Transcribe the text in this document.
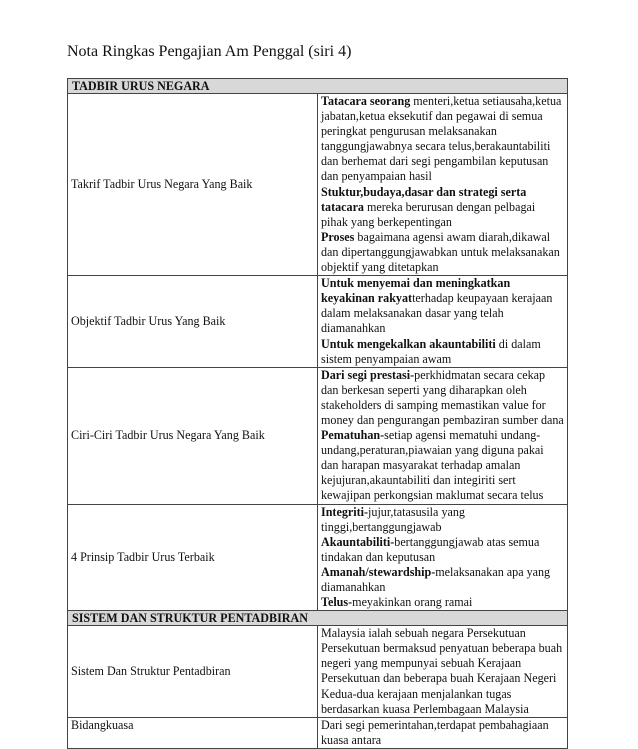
Nota Ringkas Pengajian Am Penggal (siri 4)
TADBIR URUS NEGARA	
Takrif Tadbir Urus Negara Yang Baik	Tatacara seorang menteri,ketua setiausaha,ketua jabatan,ketua eksekutif dan pegawai di semua peringkat pengurusan melaksanakan tanggungjawabnya secara telus,berakauntabiliti dan berhemat dari segi pengambilan keputusan dan penyampaian hasil
Stuktur,budaya,dasar dan strategi serta tatacara mereka berurusan dengan pelbagai pihak yang berkepentingan
Proses bagaimana agensi awam diarah,dikawal dan dipertanggungjawabkan untuk melaksanakan objektif yang ditetapkan

Objektif Tadbir Urus Yang Baik	Untuk menyemai dan meningkatkan keyakinan rakyatterhadap keupayaan kerajaan dalam melaksanakan dasar yang telah diamanahkan
Untuk mengekalkan akauntabiliti di dalam sistem penyampaian awam

Ciri-Ciri Tadbir Urus Negara Yang Baik	Dari segi prestasi-perkhidmatan secara cekap dan berkesan seperti yang diharapkan oleh stakeholders di samping memastikan value for money dan pengurangan pembaziran sumber dana
Pematuhan-setiap agensi mematuhi undang-undang,peraturan,piawaian yang diguna pakai dan harapan masyarakat terhadap amalan kejujuran,akauntabiliti dan integiriti sert kewajipan perkongsian maklumat secara telus

4 Prinsip Tadbir Urus Terbaik	Integriti-jujur,tatasusila yang tinggi,bertanggungjawab
Akauntabiliti-bertanggungjawab atas semua tindakan dan keputusan
Amanah/stewardship-melaksanakan apa yang diamanahkan
Telus-meyakinkan orang ramai

SISTEM DAN STRUKTUR PENTADBIRAN	
Sistem Dan Struktur Pentadbiran	Malaysia ialah sebuah negara Persekutuan
Persekutuan bermaksud penyatuan beberapa buah negeri yang mempunyai sebuah Kerajaan Persekutuan dan beberapa buah Kerajaan Negeri
Kedua-dua kerajaan menjalankan tugas berdasarkan kuasa Perlembagaan Malaysia

Bidangkuasa	Dari segi pemerintahan,terdapat pembahagiaan kuasa antara
